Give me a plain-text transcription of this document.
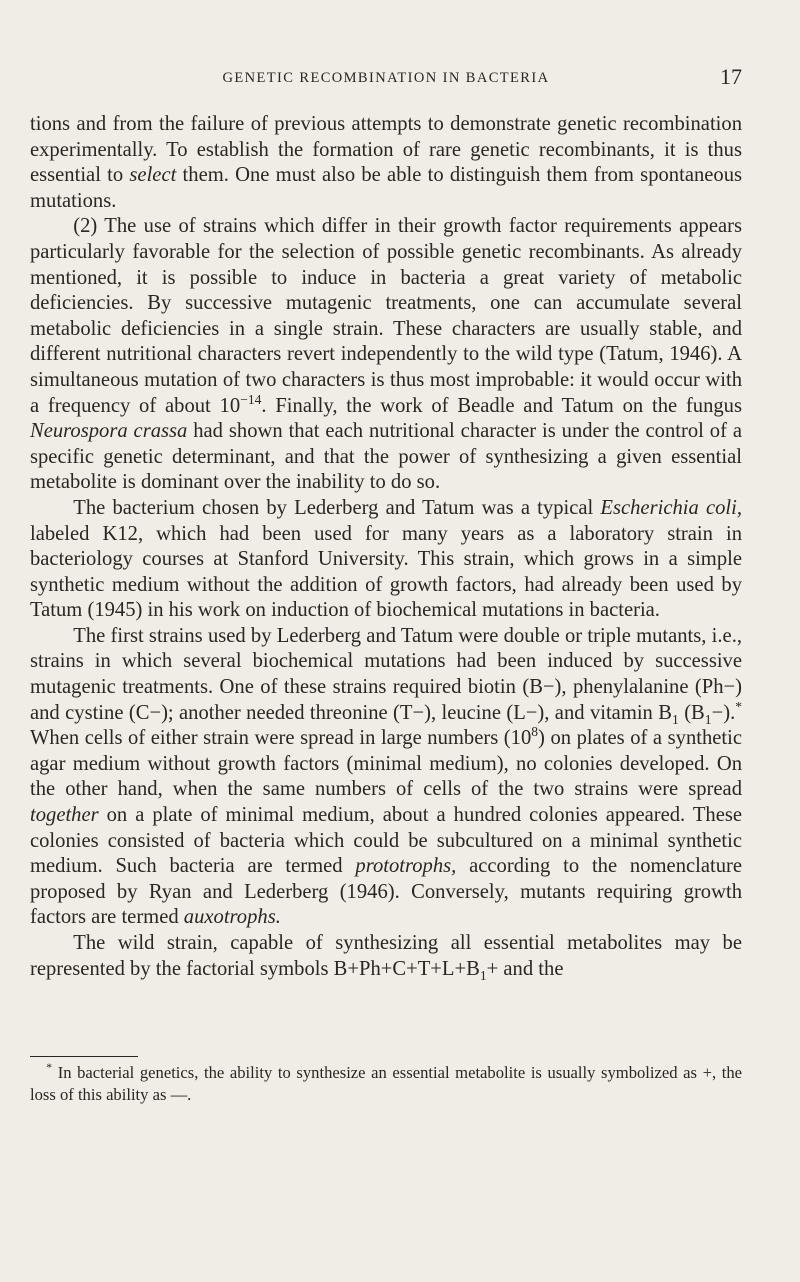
GENETIC RECOMBINATION IN BACTERIA	17

tions and from the failure of previous attempts to demonstrate genetic recombination experimentally. To establish the formation of rare genetic recombinants, it is thus essential to select them. One must also be able to distinguish them from spontaneous mutations.

(2) The use of strains which differ in their growth factor requirements appears particularly favorable for the selection of possible genetic recombinants. As already mentioned, it is possible to induce in bacteria a great variety of metabolic deficiencies. By successive mutagenic treatments, one can accumulate several metabolic deficiencies in a single strain. These characters are usually stable, and different nutritional characters revert independently to the wild type (Tatum, 1946). A simultaneous mutation of two characters is thus most improbable: it would occur with a frequency of about $10^{-14}$. Finally, the work of Beadle and Tatum on the fungus Neurospora crassa had shown that each nutritional character is under the control of a specific genetic determinant, and that the power of synthesizing a given essential metabolite is dominant over the inability to do so.

The bacterium chosen by Lederberg and Tatum was a typical Escherichia coli, labeled K12, which had been used for many years as a laboratory strain in bacteriology courses at Stanford University. This strain, which grows in a simple synthetic medium without the addition of growth factors, had already been used by Tatum (1945) in his work on induction of biochemical mutations in bacteria.

The first strains used by Lederberg and Tatum were double or triple mutants, i.e., strains in which several biochemical mutations had been induced by successive mutagenic treatments. One of these strains required biotin (B−), phenylalanine (Ph−) and cystine (C−); another needed threonine (T−), leucine (L−), and vitamin $B_1$ $(B_1-).^*$ When cells of either strain were spread in large numbers $(10^8)$ on plates of a synthetic agar medium without growth factors (minimal medium), no colonies developed. On the other hand, when the same numbers of cells of the two strains were spread together on a plate of minimal medium, about a hundred colonies appeared. These colonies consisted of bacteria which could be subcultured on a minimal synthetic medium. Such bacteria are termed prototrophs, according to the nomenclature proposed by Ryan and Lederberg (1946). Conversely, mutants requiring growth factors are termed auxotrophs.

The wild strain, capable of synthesizing all essential metabolites may be represented by the factorial symbols $B+Ph+C+T+L+B_1+$ and the

* In bacterial genetics, the ability to synthesize an essential metabolite is usually symbolized as +, the loss of this ability as —.
